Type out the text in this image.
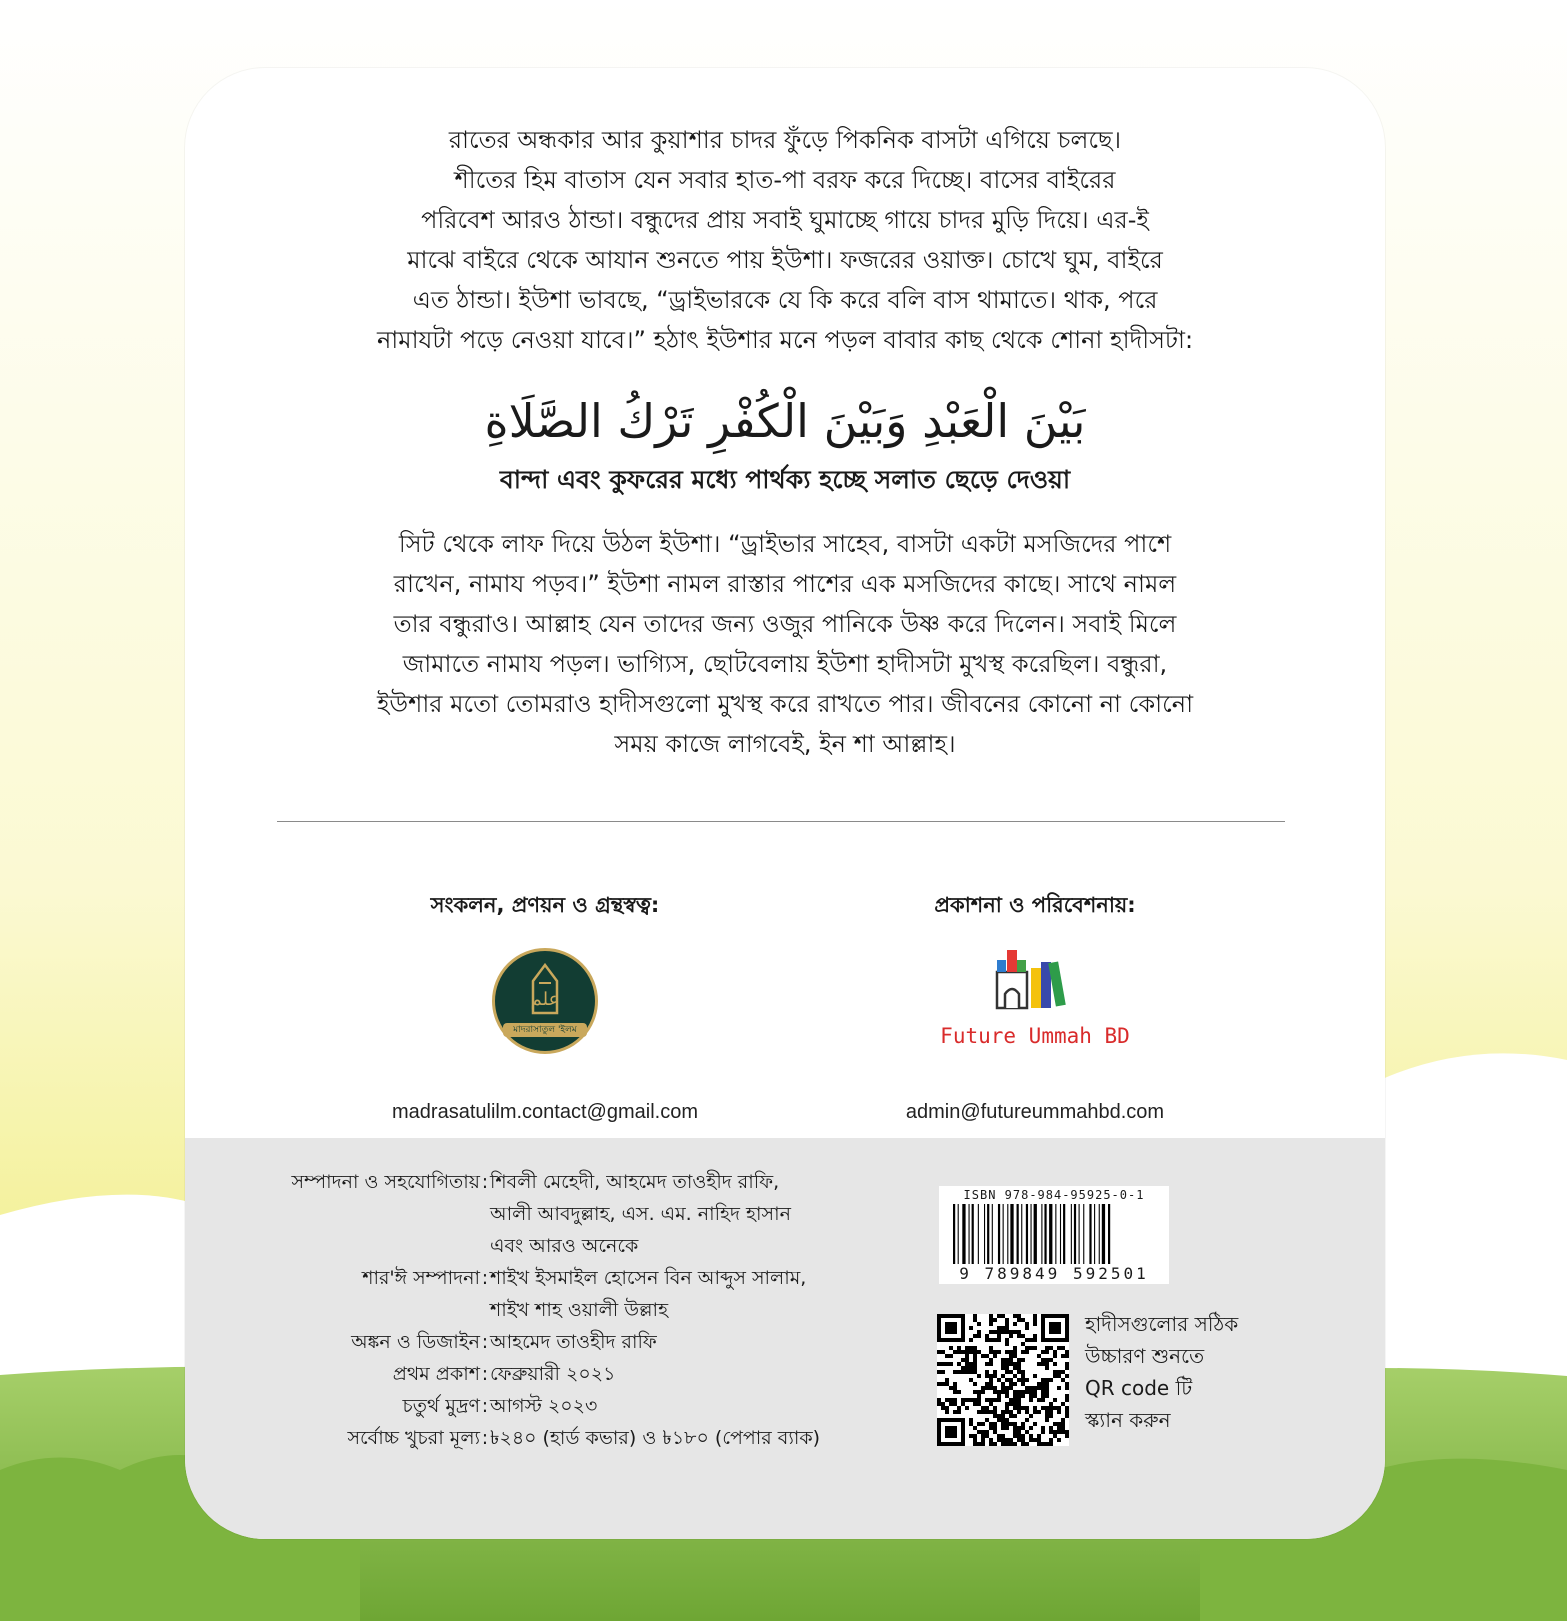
রাতের অন্ধকার আর কুয়াশার চাদর ফুঁড়ে পিকনিক বাসটা এগিয়ে চলছে।

শীতের হিম বাতাস যেন সবার হাত-পা বরফ করে দিচ্ছে। বাসের বাইরের

পরিবেশ আরও ঠান্ডা। বন্ধুদের প্রায় সবাই ঘুমাচ্ছে গায়ে চাদর মুড়ি দিয়ে। এর-ই

মাঝে বাইরে থেকে আযান শুনতে পায় ইউশা। ফজরের ওয়াক্ত। চোখে ঘুম, বাইরে

এত ঠান্ডা। ইউশা ভাবছে, “ড্রাইভারকে যে কি করে বলি বাস থামাতে। থাক, পরে

নামাযটা পড়ে নেওয়া যাবে।” হঠাৎ ইউশার মনে পড়ল বাবার কাছ থেকে শোনা হাদীসটা:

بَيْنَ الْعَبْدِ وَبَيْنَ الْكُفْرِ تَرْكُ الصَّلَاةِ
বান্দা এবং কুফরের মধ্যে পার্থক্য হচ্ছে সলাত ছেড়ে দেওয়া

সিট থেকে লাফ দিয়ে উঠল ইউশা। “ড্রাইভার সাহেব, বাসটা একটা মসজিদের পাশে

রাখেন, নামায পড়ব।” ইউশা নামল রাস্তার পাশের এক মসজিদের কাছে। সাথে নামল

তার বন্ধুরাও। আল্লাহ যেন তাদের জন্য ওজুর পানিকে উষ্ণ করে দিলেন। সবাই মিলে

জামাতে নামায পড়ল। ভাগ্যিস, ছোটবেলায় ইউশা হাদীসটা মুখস্থ করেছিল। বন্ধুরা,

ইউশার মতো তোমরাও হাদীসগুলো মুখস্থ করে রাখতে পার। জীবনের কোনো না কোনো

সময় কাজে লাগবেই, ইন শা আল্লাহ।

সংকলন, প্রণয়ন ও গ্রন্থস্বত্ব:
علم
মাদরাসাতুল 'ইলম
madrasatulilm.contact@gmail.com
প্রকাশনা ও পরিবেশনায়:
Future Ummah BD
admin@futureummahbd.com
সম্পাদনা ও সহযোগিতায়	:	শিবলী মেহেদী, আহমেদ তাওহীদ রাফি,
		আলী আবদুল্লাহ, এস. এম. নাহিদ হাসান
		এবং আরও অনেকে
শার'ঈ সম্পাদনা	:	শাইখ ইসমাইল হোসেন বিন আব্দুস সালাম,
		শাইখ শাহ ওয়ালী উল্লাহ
অঙ্কন ও ডিজাইন	:	আহমেদ তাওহীদ রাফি
প্রথম প্রকাশ	:	ফেব্রুয়ারী ২০২১
চতুর্থ মুদ্রণ	:	আগস্ট ২০২৩
সর্বোচ্চ খুচরা মূল্য	:	৳২৪০ (হার্ড কভার) ও ৳১৮০ (পেপার ব্যাক)
ISBN 978-984-95925-0-1
9 789849 592501
হাদীসগুলোর সঠিক
উচ্চারণ শুনতে
QR code টি
স্ক্যান করুন
